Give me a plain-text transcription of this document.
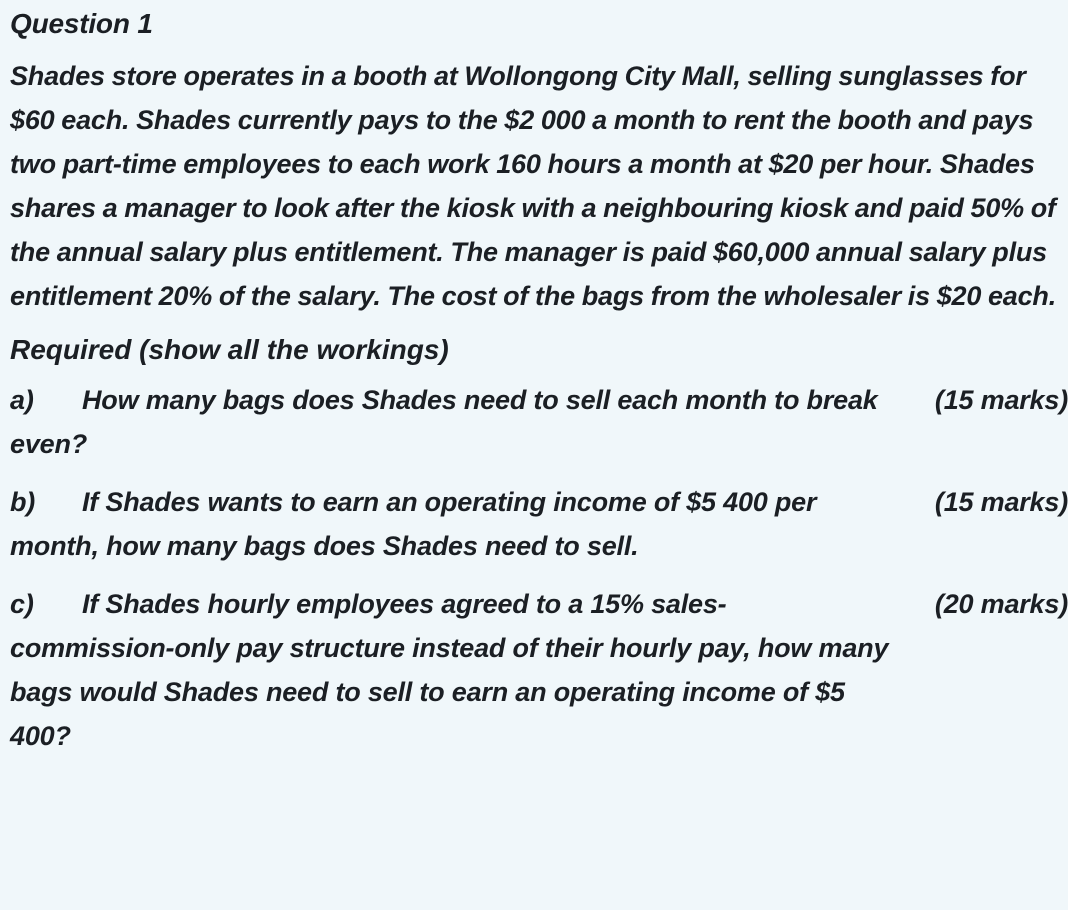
Question 1

Shades store operates in a booth at Wollongong City Mall, selling sunglasses for $60 each. Shades currently pays to the $2 000 a month to rent the booth and pays two part-time employees to each work 160 hours a month at $20 per hour. Shades shares a manager to look after the kiosk with a neighbouring kiosk and paid 50% of the annual salary plus entitlement. The manager is paid $60,000 annual salary plus entitlement 20% of the salary. The cost of the bags from the wholesaler is $20 each.

Required (show all the workings)

a) How many bags does Shades need to sell each month to break even?
(15 marks)
b) If Shades wants to earn an operating income of $5 400 per month, how many bags does Shades need to sell.
(15 marks)
c) If Shades hourly employees agreed to a 15% sales-commission-only pay structure instead of their hourly pay, how many bags would Shades need to sell to earn an operating income of $5 400?
(20 marks)
